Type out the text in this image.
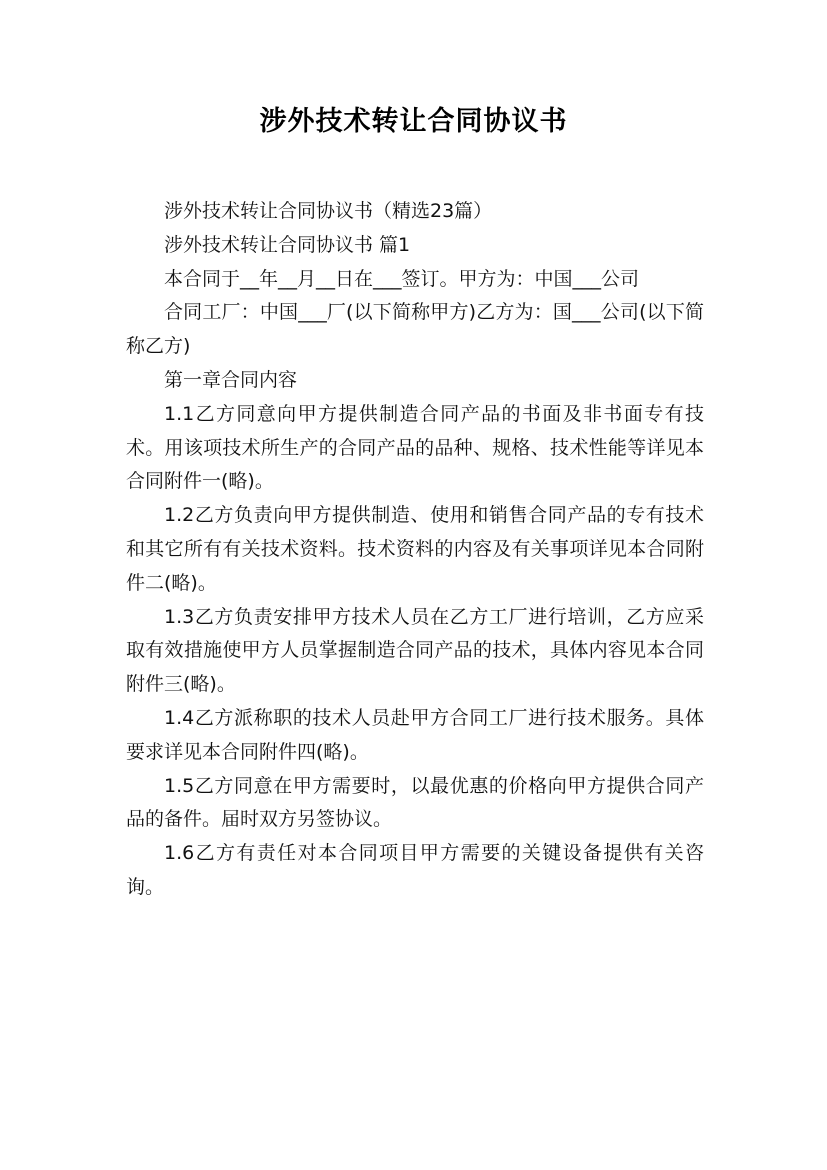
涉外技术转让合同协议书

涉外技术转让合同协议书（精选23篇）

涉外技术转让合同协议书 篇1

本合同于__年__月__日在___签订。甲方为：中国___公司

合同工厂：中国___厂(以下简称甲方)乙方为：国___公司(以下简称乙方)

第一章合同内容

1.1乙方同意向甲方提供制造合同产品的书面及非书面专有技术。用该项技术所生产的合同产品的品种、规格、技术性能等详见本合同附件一(略)。

1.2乙方负责向甲方提供制造、使用和销售合同产品的专有技术和其它所有有关技术资料。技术资料的内容及有关事项详见本合同附件二(略)。

1.3乙方负责安排甲方技术人员在乙方工厂进行培训，乙方应采取有效措施使甲方人员掌握制造合同产品的技术，具体内容见本合同附件三(略)。

1.4乙方派称职的技术人员赴甲方合同工厂进行技术服务。具体要求详见本合同附件四(略)。

1.5乙方同意在甲方需要时，以最优惠的价格向甲方提供合同产品的备件。届时双方另签协议。

1.6乙方有责任对本合同项目甲方需要的关键设备提供有关咨询。
